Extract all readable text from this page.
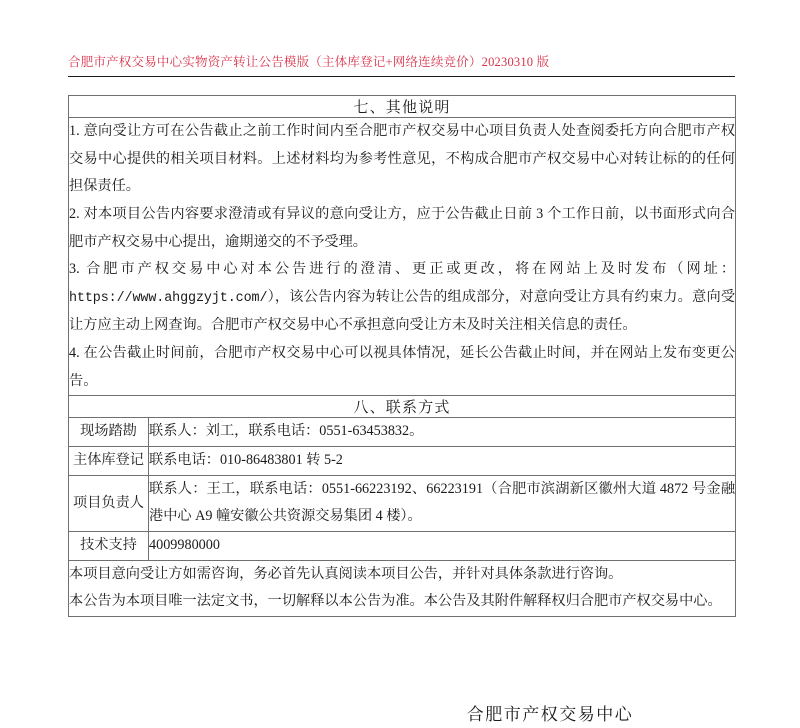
合肥市产权交易中心实物资产转让公告模版（主体库登记+网络连续竞价）20230310 版
七、其他说明	

1. 意向受让方可在公告截止之前工作时间内至合肥市产权交易中心项目负责人处查阅委托方向合肥市产权交易中心提供的相关项目材料。上述材料均为参考性意见，不构成合肥市产权交易中心对转让标的的任何担保责任。

2. 对本项目公告内容要求澄清或有异议的意向受让方，应于公告截止日前 3 个工作日前，以书面形式向合肥市产权交易中心提出，逾期递交的不予受理。

3. 合肥市产权交易中心对本公告进行的澄清、更正或更改，将在网站上及时发布（网址：https://www.ahggzyjt.com/），该公告内容为转让公告的组成部分，对意向受让方具有约束力。意向受让方应主动上网查询。合肥市产权交易中心不承担意向受让方未及时关注相关信息的责任。

4. 在公告截止时间前，合肥市产权交易中心可以视具体情况，延长公告截止时间，并在网站上发布变更公告。	

八、联系方式	

现场踏勘	联系人：刘工，联系电话：0551-63453832。

主体库登记	联系电话：010-86483801 转 5-2

项目负责人	联系人：王工，联系电话：0551-66223192、66223191（合肥市滨湖新区徽州大道 4872 号金融港中心 A9 幢安徽公共资源交易集团 4 楼）。

技术支持	4009980000

本项目意向受让方如需咨询，务必首先认真阅读本项目公告，并针对具体条款进行咨询。

本公告为本项目唯一法定文书，一切解释以本公告为准。本公告及其附件解释权归合肥市产权交易中心。	

合肥市产权交易中心
